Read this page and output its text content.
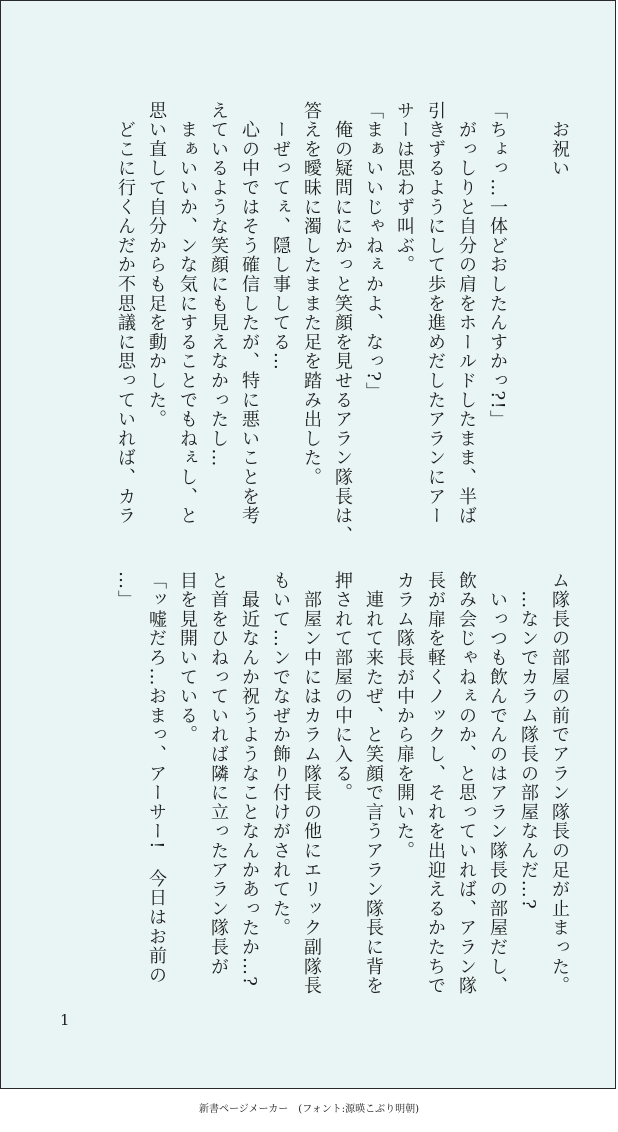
　お祝い

「ちょっ…一体どおしたんすかっ?!」
　がっしりと自分の肩をホールドしたまま、半ば
引きずるようにして歩を進めだしたアランにアー
サーは思わず叫ぶ。
「まぁいいじゃねぇかよ、なっ?」
　俺の疑問ににかっと笑顔を見せるアラン隊長は、
答えを曖昧に濁したままた足を踏み出した。
　ーぜってぇ、隠し事してる…
　心の中ではそう確信したが、特に悪いことを考
えているような笑顔にも見えなかったし…
　まぁいいか、ンな気にすることでもねぇし、と
思い直して自分からも足を動かした。
　どこに行くんだか不思議に思っていれば、カラ

ム隊長の部屋の前でアラン隊長の足が止まった。
　…なンでカラム隊長の部屋なんだ…?
　いっつも飲んでんのはアラン隊長の部屋だし、
飲み会じゃねぇのか、と思っていれば、アラン隊
長が扉を軽くノックし、それを出迎えるかたちで
カラム隊長が中から扉を開いた。
　連れて来たぜ、と笑顔で言うアラン隊長に背を
押されて部屋の中に入る。
　部屋ン中にはカラム隊長の他にエリック副隊長
もいて…ンでなぜか飾り付けがされてた。
　最近なんか祝うようなことなんかあったか…?
と首をひねっていれば隣に立ったアラン隊長が
目を見開いている。
「ッ嘘だろ…おまっ、アーサー!　今日はお前の
…」

1

新書ページメーカー　(フォント:源暎こぶり明朝)
